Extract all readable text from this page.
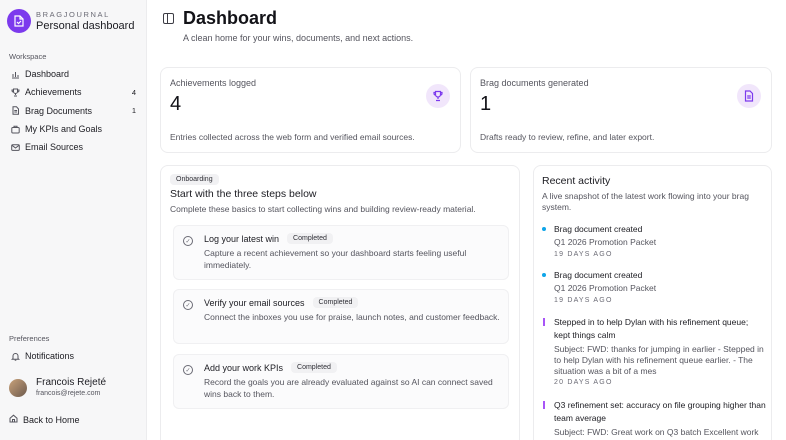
BRAGJOURNAL
Personal dashboard
Workspace
Dashboard
Achievements	4
Brag Documents	1
My KPIs and Goals
Email Sources
Preferences
Notifications
Francois Rejeté
francois@rejete.com
Back to Home
Dashboard
A clean home for your wins, documents, and next actions.
Achievements logged
4
Entries collected across the web form and verified email sources.
Brag documents generated
1
Drafts ready to review, refine, and later export.
Onboarding
Start with the three steps below
Complete these basics to start collecting wins and building review-ready material.
✓ Log your latest win	Completed
Capture a recent achievement so your dashboard starts feeling useful immediately.
✓ Verify your email sources	Completed
Connect the inboxes you use for praise, launch notes, and customer feedback.
✓ Add your work KPIs	Completed
Record the goals you are already evaluated against so AI can connect saved wins back to them.
Recent activity
A live snapshot of the latest work flowing into your brag system.
Brag document created
Q1 2026 Promotion Packet
19 DAYS AGO
Brag document created
Q1 2026 Promotion Packet
19 DAYS AGO
Stepped in to help Dylan with his refinement queue; kept things calm
Subject: FWD: thanks for jumping in earlier - Stepped in to help Dylan with his refinement queue earlier. - The situation was a bit of a mes
20 DAYS AGO
Q3 refinement set: accuracy on file grouping higher than team average
Subject: FWD: Great work on Q3 batch Excellent work
